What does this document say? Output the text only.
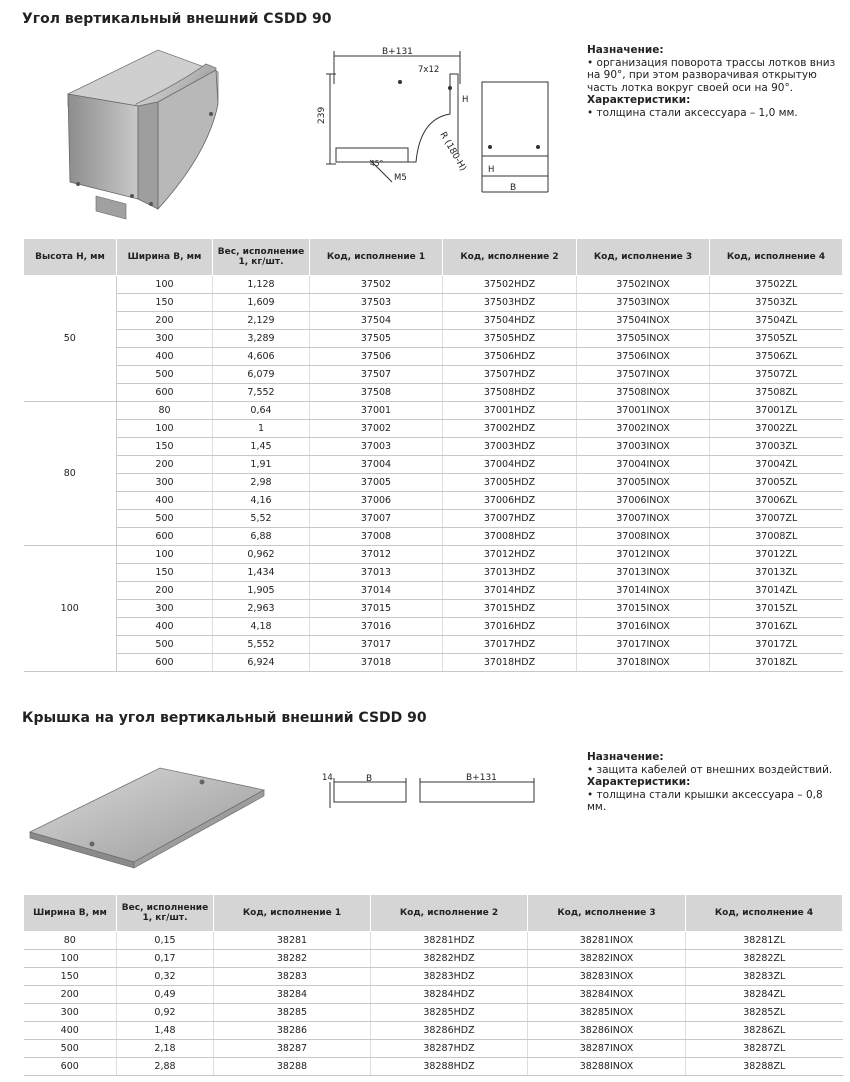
Угол вертикальный внешний CSDD 90
B+131
7x12
239
H
R (180-H)
45°
M5
H
B

Назначение:

• организация поворота трассы лотков вниз на 90°, при этом разворачивая открытую часть лотка вокруг своей оси на 90°.

Характеристики:

• толщина стали аксессуара – 1,0 мм.

Высота H, мм	Ширина B, мм	Вес, исполнение 1, кг/шт.	Код, исполнение 1	Код, исполнение 2	Код, исполнение 3	Код, исполнение 4
50	100	1,128	37502	37502HDZ	37502INOX	37502ZL
	150	1,609	37503	37503HDZ	37503INOX	37503ZL
	200	2,129	37504	37504HDZ	37504INOX	37504ZL
	300	3,289	37505	37505HDZ	37505INOX	37505ZL
	400	4,606	37506	37506HDZ	37506INOX	37506ZL
	500	6,079	37507	37507HDZ	37507INOX	37507ZL
	600	7,552	37508	37508HDZ	37508INOX	37508ZL
80	80	0,64	37001	37001HDZ	37001INOX	37001ZL
	100	1	37002	37002HDZ	37002INOX	37002ZL
	150	1,45	37003	37003HDZ	37003INOX	37003ZL
	200	1,91	37004	37004HDZ	37004INOX	37004ZL
	300	2,98	37005	37005HDZ	37005INOX	37005ZL
	400	4,16	37006	37006HDZ	37006INOX	37006ZL
	500	5,52	37007	37007HDZ	37007INOX	37007ZL
	600	6,88	37008	37008HDZ	37008INOX	37008ZL
100	100	0,962	37012	37012HDZ	37012INOX	37012ZL
	150	1,434	37013	37013HDZ	37013INOX	37013ZL
	200	1,905	37014	37014HDZ	37014INOX	37014ZL
	300	2,963	37015	37015HDZ	37015INOX	37015ZL
	400	4,18	37016	37016HDZ	37016INOX	37016ZL
	500	5,552	37017	37017HDZ	37017INOX	37017ZL
	600	6,924	37018	37018HDZ	37018INOX	37018ZL
Крышка на угол вертикальный внешний CSDD 90
14	B	B+131

Назначение:

• защита кабелей от внешних воздействий.

Характеристики:

• толщина стали крышки аксессуара – 0,8 мм.

Ширина B, мм	Вес, исполнение 1, кг/шт.	Код, исполнение 1	Код, исполнение 2	Код, исполнение 3	Код, исполнение 4
80	0,15	38281	38281HDZ	38281INOX	38281ZL
100	0,17	38282	38282HDZ	38282INOX	38282ZL
150	0,32	38283	38283HDZ	38283INOX	38283ZL
200	0,49	38284	38284HDZ	38284INOX	38284ZL
300	0,92	38285	38285HDZ	38285INOX	38285ZL
400	1,48	38286	38286HDZ	38286INOX	38286ZL
500	2,18	38287	38287HDZ	38287INOX	38287ZL
600	2,88	38288	38288HDZ	38288INOX	38288ZL
